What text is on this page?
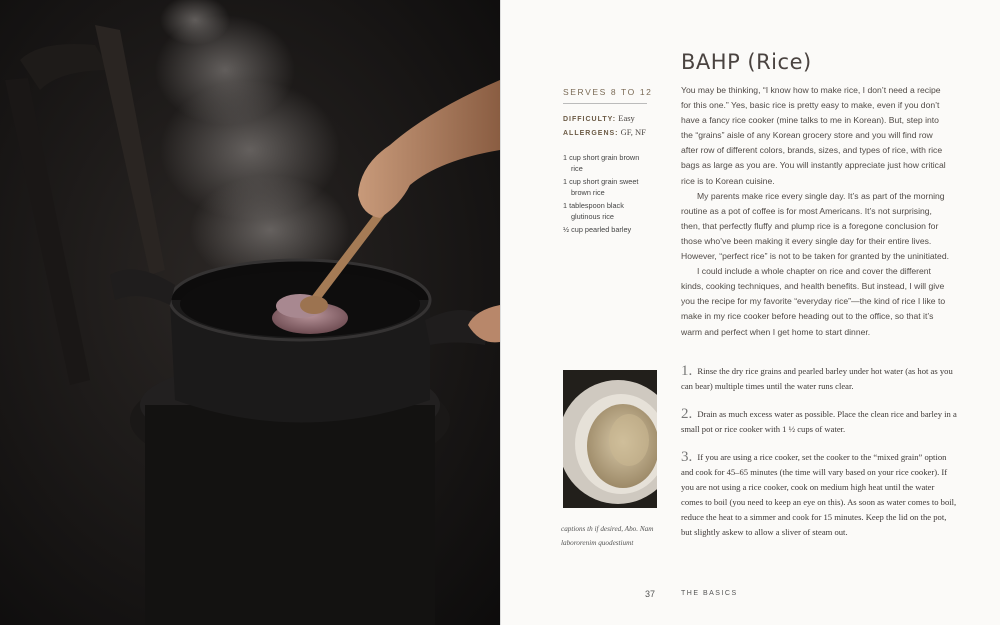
BAHP (Rice)
SERVES 8 TO 12
DIFFICULTY: Easy
ALLERGENS: GF, NF
1 cup short grain brown rice
1 cup short grain sweet brown rice
1 tablespoon black glutinous rice
½ cup pearled barley

You may be thinking, “I know how to make rice, I don’t need a recipe for this one.” Yes, basic rice is pretty easy to make, even if you don’t have a fancy rice cooker (mine talks to me in Korean). But, step into the “grains” aisle of any Korean grocery store and you will find row after row of different colors, brands, sizes, and types of rice, with rice bags as large as you are. You will instantly appreciate just how critical rice is to Korean cuisine.

My parents make rice every single day. It’s as part of the morning routine as a pot of coffee is for most Americans. It’s not surprising, then, that perfectly fluffy and plump rice is a foregone conclusion for those who’ve been making it every single day for their entire lives. However, “perfect rice” is not to be taken for granted by the uninitiated.

I could include a whole chapter on rice and cover the different kinds, cooking techniques, and health benefits. But instead, I will give you the recipe for my favorite “everyday rice”—the kind of rice I like to make in my rice cooker before heading out to the office, so that it’s warm and perfect when I get home to start dinner.

captions th if desired, Abo. Nam labororenim quodestiumt
1. Rinse the dry rice grains and pearled barley under hot water (as hot as you can bear) multiple times until the water runs clear.
2. Drain as much excess water as possible. Place the clean rice and barley in a small pot or rice cooker with 1 ½ cups of water.
3. If you are using a rice cooker, set the cooker to the “mixed grain” option and cook for 45–65 minutes (the time will vary based on your rice cooker). If you are not using a rice cooker, cook on medium high heat until the water comes to boil (you need to keep an eye on this). As soon as water comes to boil, reduce the heat to a simmer and cook for 15 minutes. Keep the lid on the pot, but slightly askew to allow a sliver of steam out.
37	THE BASICS
